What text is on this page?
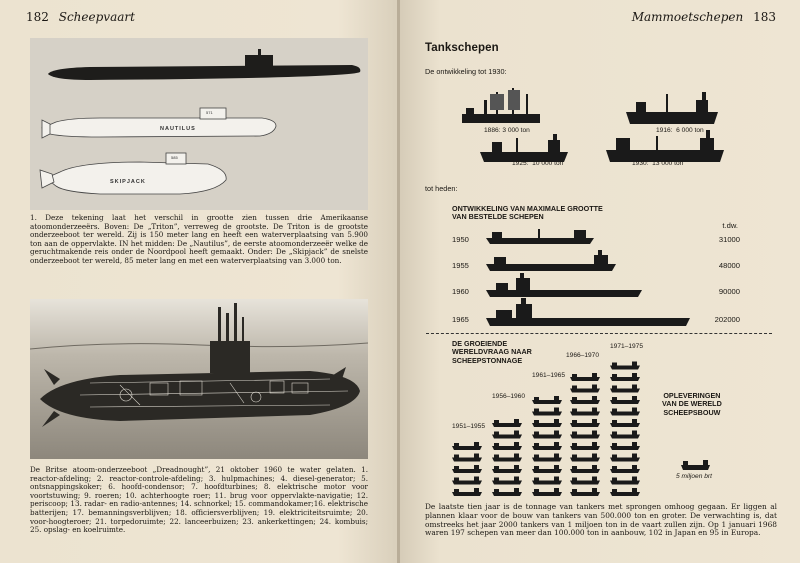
182 Scheepvaart
571
NAUTILUS
585
SKIPJACK
1. Deze tekening laat het verschil in grootte zien tussen drie Amerikaanse atoomonderzeeërs. Boven: De „Triton”, verreweg de grootste. De Triton is de grootste onderzeeboot ter wereld. Zij is 150 meter lang en heeft een waterverplaatsing van 5.900 ton aan de oppervlakte. IN het midden: De „Nautilus”, de eerste atoomonderzeeër welke de geruchtmakende reis onder de Noordpool heeft gemaakt. Onder: De „Skipjack” de snelste onderzeeboot ter wereld, 85 meter lang en met een waterverplaatsing van 3.000 ton.
De Britse atoom-onderzeeboot „Dreadnought”, 21 oktober 1960 te water gelaten. 1. reactor-afdeling; 2. reactor-controle-afdeling; 3. hulpmachines; 4. diesel-generator; 5. ontsnappingskoker; 6. hoofd-condensor; 7. hoofdturbines; 8. elektrische motor voor voortstuwing; 9. roeren; 10. achterhoogte roer; 11. brug voor oppervlakte-navigatie; 12. periscoop; 13. radar- en radio-antennes; 14. schnorkel; 15. commandokamer;16. elektrische batterijen; 17. bemanningsverblijven; 18. officiersverblijven; 19. elektriciteitsruimte; 20. voor-hoogteroer; 21. torpedoruimte; 22. lanceerbuizen; 23. ankerkettingen; 24. kombuis; 25. opslag- en koelruimte.
Mammoetschepen 183
Tankschepen
De ontwikkeling tot 1930:
1886: 3 000 ton	1916:  6 000 ton
1925:  10 000 ton	1930:  13 000 ton
tot heden:
ONTWIKKELING VAN MAXIMALE GROOTTE
VAN BESTELDE SCHEPEN
t.dw.
1950
1955
1960
1965
31000
48000
90000
202000
DE GROEIENDE
WERELDVRAAG NAAR
SCHEEPSTONNAGE
1951–1955
1956–1960
1961–1965
1966–1970
1971–1975
OPLEVERINGEN
VAN DE WERELD
SCHEEPSBOUW
5 miljoen brt
De laatste tien jaar is de tonnage van tankers met sprongen omhoog gegaan. Er liggen al plannen klaar voor de bouw van tankers van 500.000 ton en groter. De verwachting is, dat omstreeks het jaar 2000 tankers van 1 miljoen ton in de vaart zullen zijn. Op 1 januari 1968 waren 197 schepen van meer dan 100.000 ton in aanbouw, 102 in Japan en 95 in Europa.
